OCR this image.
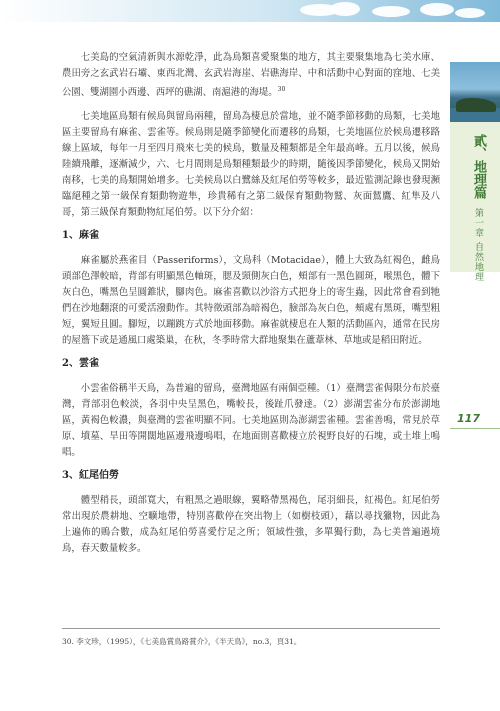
貳、地理篇
第一章 自然地理
117

七美島的空氣清新與水源乾淨，此為鳥類喜愛聚集的地方，其主要聚集地為七美水庫、農田旁之玄武岩石壩、東西北灣、玄武岩海崖、岩礁海岸、中和活動中心對面的窪地、七美公園、雙湖園小西邊、西坪的礁湖、南滬港的海堤。$^{30}$

七美地區鳥類有候鳥與留鳥兩種，留鳥為棲息於當地，並不隨季節移動的鳥類，七美地區主要留鳥有麻雀、雲雀等。候鳥則是隨季節變化而遷移的鳥類，七美地區位於候鳥遷移路線上區域，每年一月至四月飛來七美的候鳥，數量及種類都是全年最高峰。五月以後，候鳥陸續飛離，逐漸減少，六、七月間則是鳥類種類最少的時期，隨後因季節變化，候鳥又開始南移，七美的鳥類開始增多。七美候鳥以白鷺絲及紅尾伯勞等較多，最近監測記錄也發現瀕臨絕種之第一級保育類動物遊隼，珍貴稀有之第二級保育類動物鷲、灰面鵟鷹、紅隼及八哥，第三級保育類動物紅尾伯勞。以下分介紹：

1、麻雀

麻雀屬於燕雀目（Passeriforms），文鳥科（Motacidae），體上大致為紅褐色，雌鳥頭部色澤較暗，背部有明顯黑色軸斑，腮及頸側灰白色，頰部有一黑色圓斑，喉黑色，體下灰白色，嘴黑色呈圓錐狀，腳肉色。麻雀喜歡以沙浴方式把身上的寄生蟲，因此常會看到牠們在沙地翻滾的可愛活潑動作。其特徵頭部為暗褐色，臉部為灰白色，頰處有黑斑，嘴型粗短，翼短且圓。腳短，以蹦跳方式於地面移動。麻雀就棲息在人類的活動區內，通常在民房的屋簷下或是通風口處築巢，在秋，冬季時常大群地聚集在蘆葦林、草地或是稻田附近。

2、雲雀

小雲雀俗稱半天鳥，為普遍的留鳥，臺灣地區有兩個亞種。（1）臺灣雲雀侷限分布於臺灣，背部羽色較淡，各羽中央呈黑色，嘴較長，後趾爪發達。（2）澎湖雲雀分布於澎湖地區，黃褐色較濃，與臺灣的雲雀明顯不同。七美地區則為澎湖雲雀種。雲雀善鳴，常見於草原、墳墓、旱田等開闊地區邊飛邊鳴唱，在地面則喜歡棲立於視野良好的石塊，或土堆上鳴唱。

3、紅尾伯勞

體型稍長，頭部寬大，有粗黑之過眼線，翼略帶黑褐色，尾羽細長，紅褐色。紅尾伯勞常出現於農耕地、空曠地帶，特別喜歡停在突出物上（如樹枝頭），藉以尋找獵物，因此為上遍佈的鵙合數，成為紅尾伯勞喜愛佇足之所；領域性強，多單獨行動，為七美普遍過境鳥，春天數量較多。

30. 李文珍，（1995），《七美島賞鳥路賞介》，《半天鳥》，no.3，頁31。
